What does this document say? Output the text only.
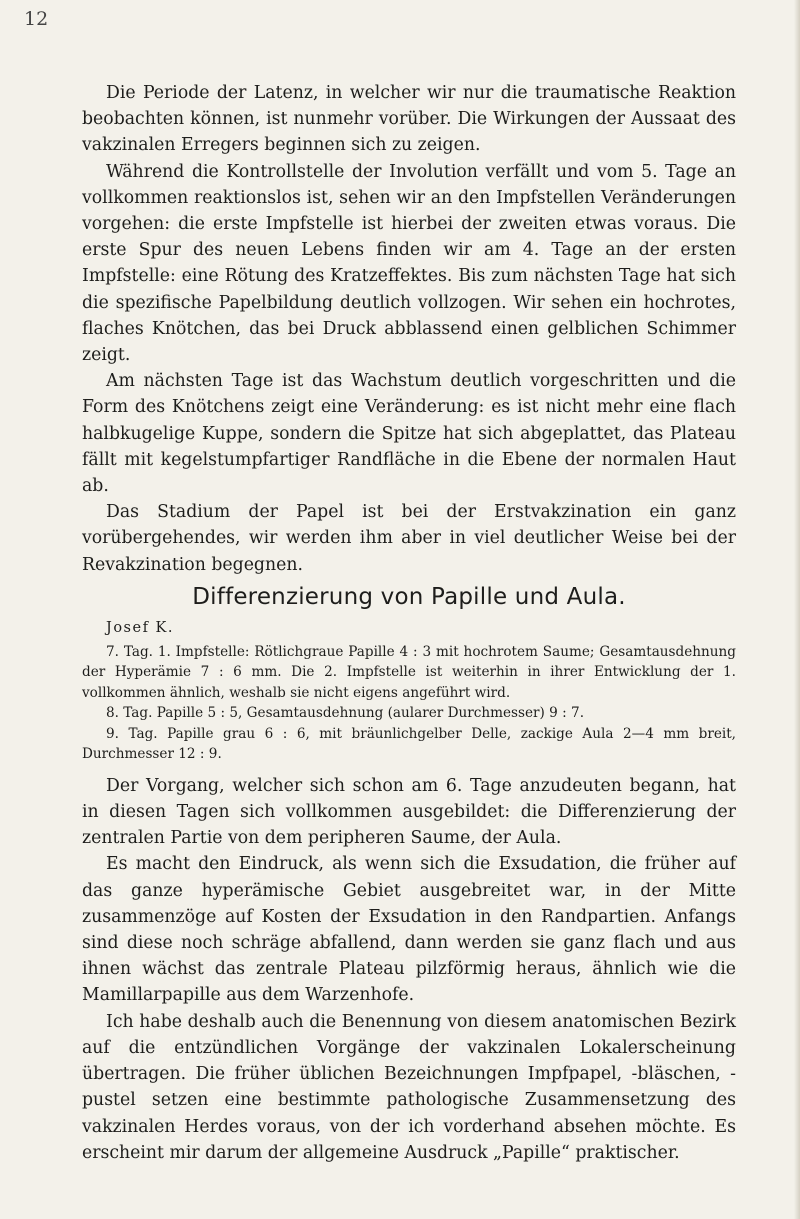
12

Die Periode der Latenz, in welcher wir nur die traumatische Reaktion beobachten können, ist nunmehr vorüber. Die Wirkungen der Aussaat des vakzinalen Erregers beginnen sich zu zeigen.

Während die Kontrollstelle der Involution verfällt und vom 5. Tage an vollkommen reaktionslos ist, sehen wir an den Impfstellen Veränderungen vorgehen: die erste Impfstelle ist hierbei der zweiten etwas voraus. Die erste Spur des neuen Lebens finden wir am 4. Tage an der ersten Impfstelle: eine Rötung des Kratzeffektes. Bis zum nächsten Tage hat sich die spezifische Papelbildung deutlich vollzogen. Wir sehen ein hochrotes, flaches Knötchen, das bei Druck abblassend einen gelblichen Schimmer zeigt.

Am nächsten Tage ist das Wachstum deutlich vorgeschritten und die Form des Knötchens zeigt eine Veränderung: es ist nicht mehr eine flach halbkugelige Kuppe, sondern die Spitze hat sich abgeplattet, das Plateau fällt mit kegelstumpfartiger Randfläche in die Ebene der normalen Haut ab.

Das Stadium der Papel ist bei der Erstvakzination ein ganz vorübergehendes, wir werden ihm aber in viel deutlicher Weise bei der Revakzination begegnen.

Differenzierung von Papille und Aula.
Josef K.

7. Tag. 1. Impfstelle: Rötlichgraue Papille 4 : 3 mit hochrotem Saume; Gesamtausdehnung der Hyperämie 7 : 6 mm. Die 2. Impfstelle ist weiterhin in ihrer Entwicklung der 1. vollkommen ähnlich, weshalb sie nicht eigens angeführt wird.

8. Tag. Papille 5 : 5, Gesamtausdehnung (aularer Durchmesser) 9 : 7.

9. Tag. Papille grau 6 : 6, mit bräunlichgelber Delle, zackige Aula 2—4 mm breit, Durchmesser 12 : 9.

Der Vorgang, welcher sich schon am 6. Tage anzudeuten begann, hat in diesen Tagen sich vollkommen ausgebildet: die Differenzierung der zentralen Partie von dem peripheren Saume, der Aula.

Es macht den Eindruck, als wenn sich die Exsudation, die früher auf das ganze hyperämische Gebiet ausgebreitet war, in der Mitte zusammenzöge auf Kosten der Exsudation in den Randpartien. Anfangs sind diese noch schräge abfallend, dann werden sie ganz flach und aus ihnen wächst das zentrale Plateau pilzförmig heraus, ähnlich wie die Mamillarpapille aus dem Warzenhofe.

Ich habe deshalb auch die Benennung von diesem anatomischen Bezirk auf die entzündlichen Vorgänge der vakzinalen Lokalerscheinung übertragen. Die früher üblichen Bezeichnungen Impfpapel, -bläschen, -pustel setzen eine bestimmte pathologische Zusammensetzung des vakzinalen Herdes voraus, von der ich vorderhand absehen möchte. Es erscheint mir darum der allgemeine Ausdruck „Papille“ praktischer.
